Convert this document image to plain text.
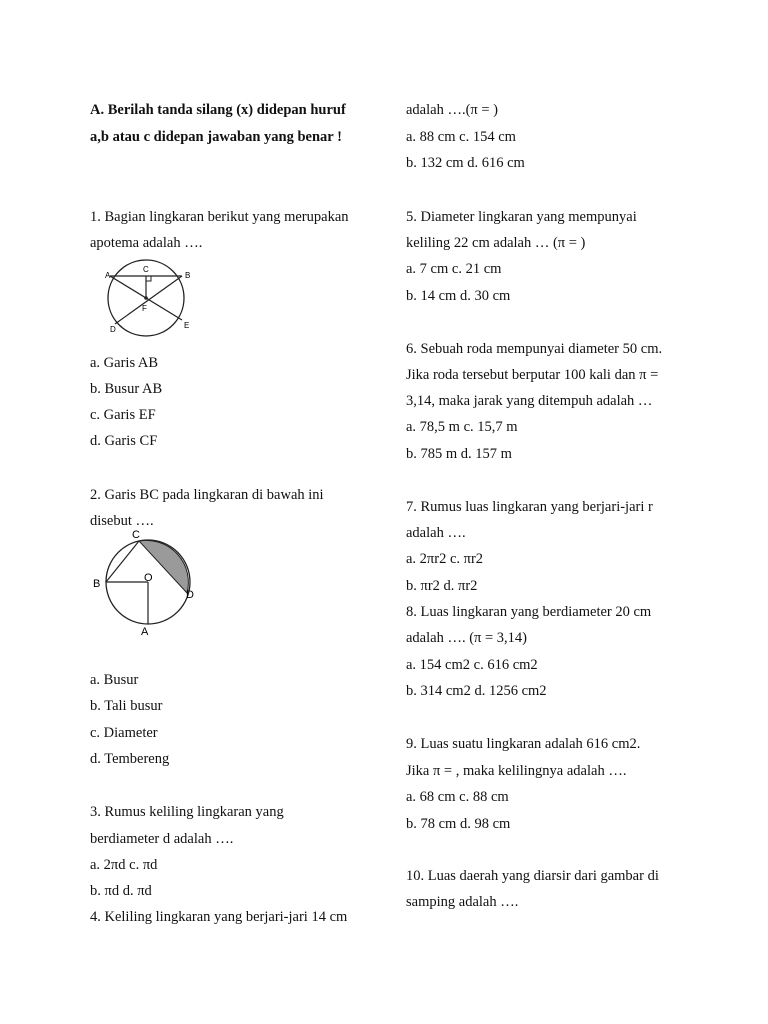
A. Berilah tanda silang (x) didepan huruf
a,b atau c didepan jawaban yang benar !
1. Bagian lingkaran berikut yang merupakan
apotema adalah ….
A
C
B
F
D	E
a. Garis AB
b. Busur AB
c. Garis EF
d. Garis CF
2. Garis BC pada lingkaran di bawah ini
disebut ….
C
B	O
D
A
a. Busur
b. Tali busur
c. Diameter
d. Tembereng
3. Rumus keliling lingkaran yang
berdiameter d adalah ….
a. 2πd c. πd
b. πd d. πd
4. Keliling lingkaran yang berjari-jari 14 cm
adalah ….(π = )
a. 88 cm c. 154 cm
b. 132 cm d. 616 cm
5. Diameter lingkaran yang mempunyai
keliling 22 cm adalah … (π = )
a. 7 cm c. 21 cm
b. 14 cm d. 30 cm
6. Sebuah roda mempunyai diameter 50 cm.
Jika roda tersebut berputar 100 kali dan π =
3,14, maka jarak yang ditempuh adalah …
a. 78,5 m c. 15,7 m
b. 785 m d. 157 m
7. Rumus luas lingkaran yang berjari-jari r
adalah ….
a. 2πr2 c. πr2
b. πr2 d. πr2
8. Luas lingkaran yang berdiameter 20 cm
adalah …. (π = 3,14)
a. 154 cm2 c. 616 cm2
b. 314 cm2 d. 1256 cm2
9. Luas suatu lingkaran adalah 616 cm2.
Jika π = , maka kelilingnya adalah ….
a. 68 cm c. 88 cm
b. 78 cm d. 98 cm
10. Luas daerah yang diarsir dari gambar di
samping adalah ….
